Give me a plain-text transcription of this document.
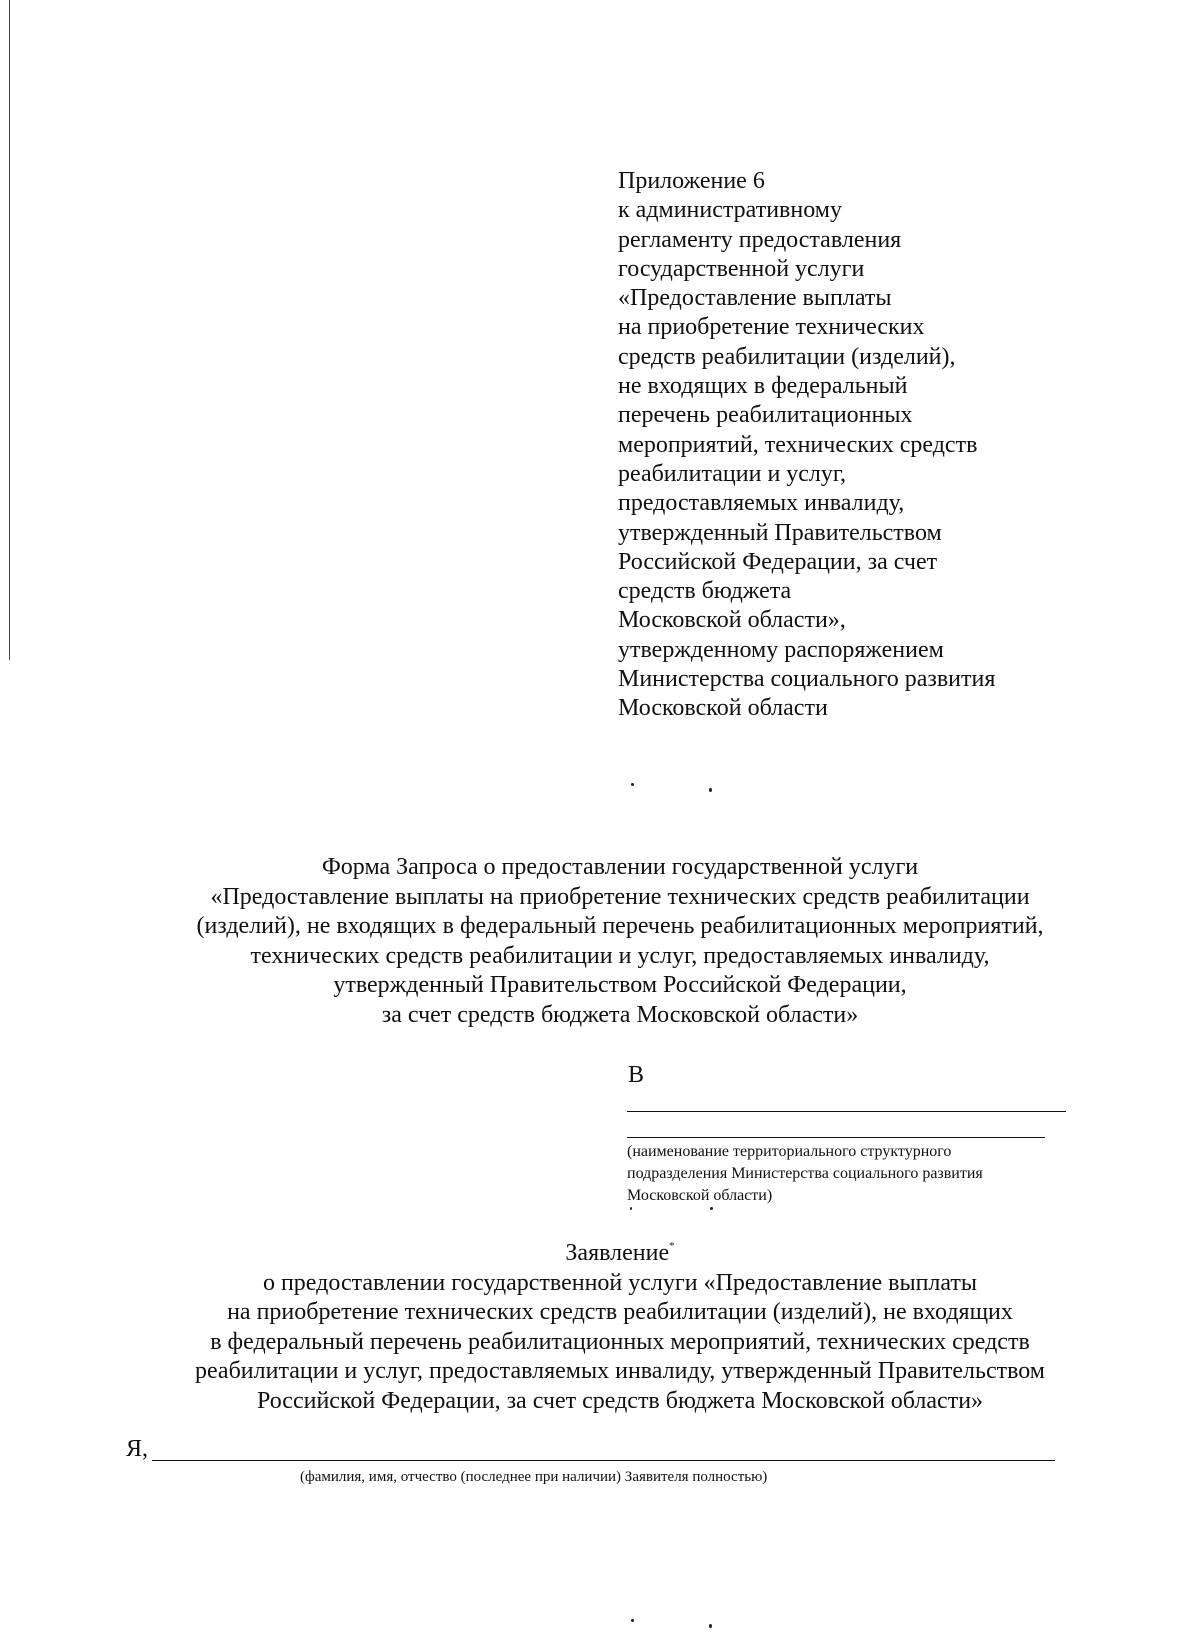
Приложение 6
к административному
регламенту предоставления
государственной услуги
«Предоставление выплаты
на приобретение технических
средств реабилитации (изделий),
не входящих в федеральный
перечень реабилитационных
мероприятий, технических средств
реабилитации и услуг,
предоставляемых инвалиду,
утвержденный Правительством
Российской Федерации, за счет
средств бюджета
Московской области»,
утвержденному распоряжением
Министерства социального развития
Московской области
Форма Запроса о предоставлении государственной услуги
«Предоставление выплаты на приобретение технических средств реабилитации
(изделий), не входящих в федеральный перечень реабилитационных мероприятий,
технических средств реабилитации и услуг, предоставляемых инвалиду,
утвержденный Правительством Российской Федерации,
за счет средств бюджета Московской области»
В
(наименование территориального структурного
подразделения Министерства социального развития
Московской области)
Заявление*
о предоставлении государственной услуги «Предоставление выплаты
на приобретение технических средств реабилитации (изделий), не входящих
в федеральный перечень реабилитационных мероприятий, технических средств
реабилитации и услуг, предоставляемых инвалиду, утвержденный Правительством
Российской Федерации, за счет средств бюджета Московской области»
Я,
(фамилия, имя, отчество (последнее при наличии) Заявителя полностью)
